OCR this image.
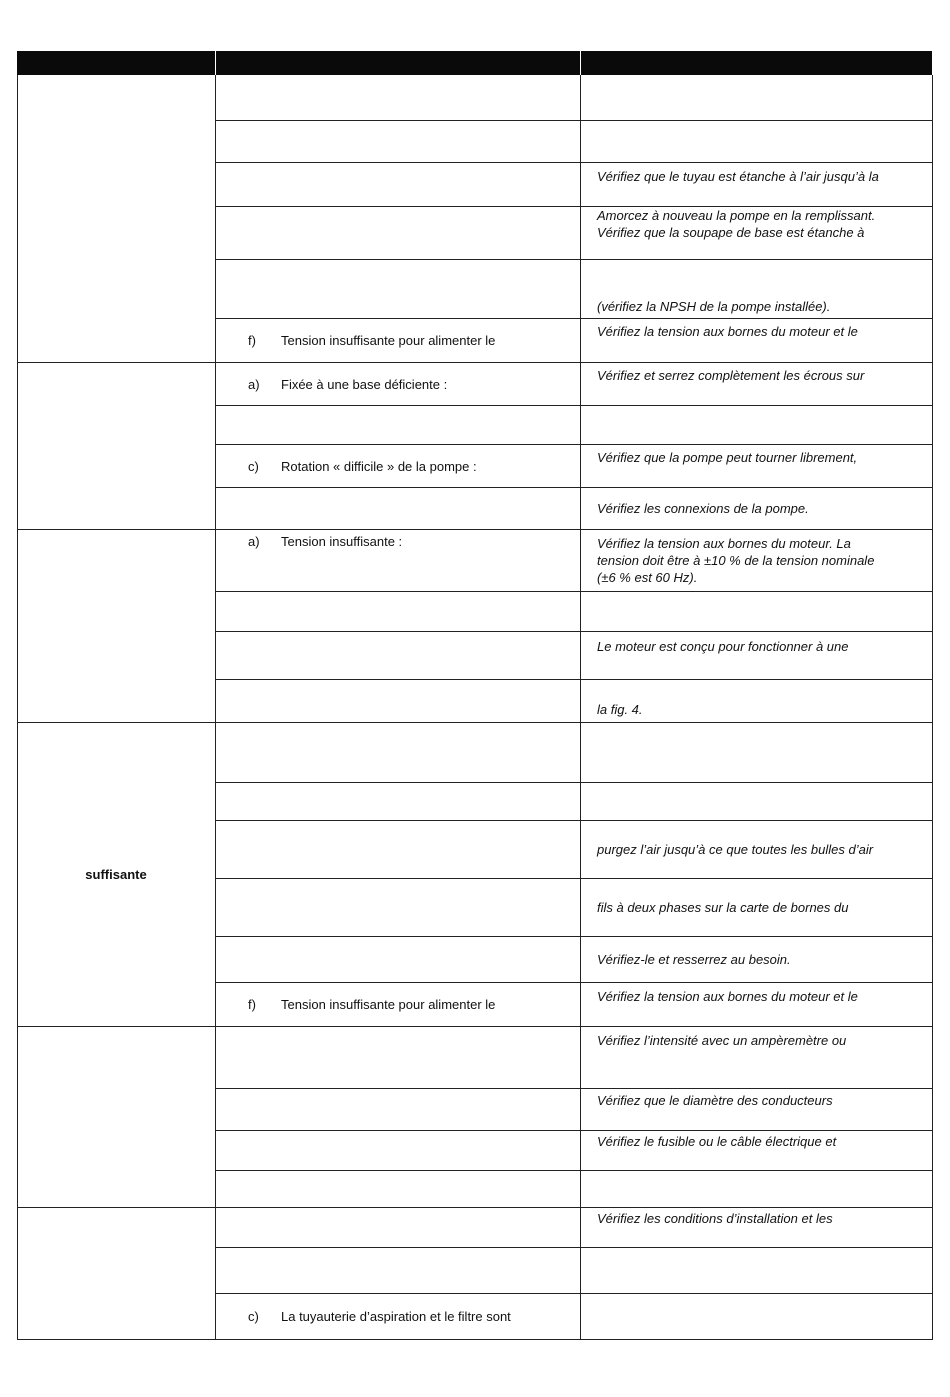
Vérifiez que le tuyau est étanche à l’air jusqu’à la
Amorcez à nouveau la pompe en la remplissant.
Vérifiez que la soupape de base est étanche à
(vérifiez la NPSH de la pompe installée).
f) Tension insuffisante pour alimenter le
Vérifiez la tension aux bornes du moteur et le
a) Fixée à une base déficiente :
Vérifiez et serrez complètement les écrous sur
c) Rotation « difficile » de la pompe :
Vérifiez que la pompe peut tourner librement,
Vérifiez les connexions de la pompe.
a) Tension insuffisante :	Vérifiez la tension aux bornes du moteur. La
tension doit être à ±10 % de la tension nominale
(±6 % est 60 Hz).
Le moteur est conçu pour fonctionner à une
la fig. 4.
suffisante
purgez l’air jusqu’à ce que toutes les bulles d’air
fils à deux phases sur la carte de bornes du
Vérifiez-le et resserrez au besoin.
f) Tension insuffisante pour alimenter le
Vérifiez la tension aux bornes du moteur et le
Vérifiez l’intensité avec un ampèremètre ou
Vérifiez que le diamètre des conducteurs
Vérifiez le fusible ou le câble électrique et
Vérifiez les conditions d’installation et les
c) La tuyauterie d’aspiration et le filtre sont
